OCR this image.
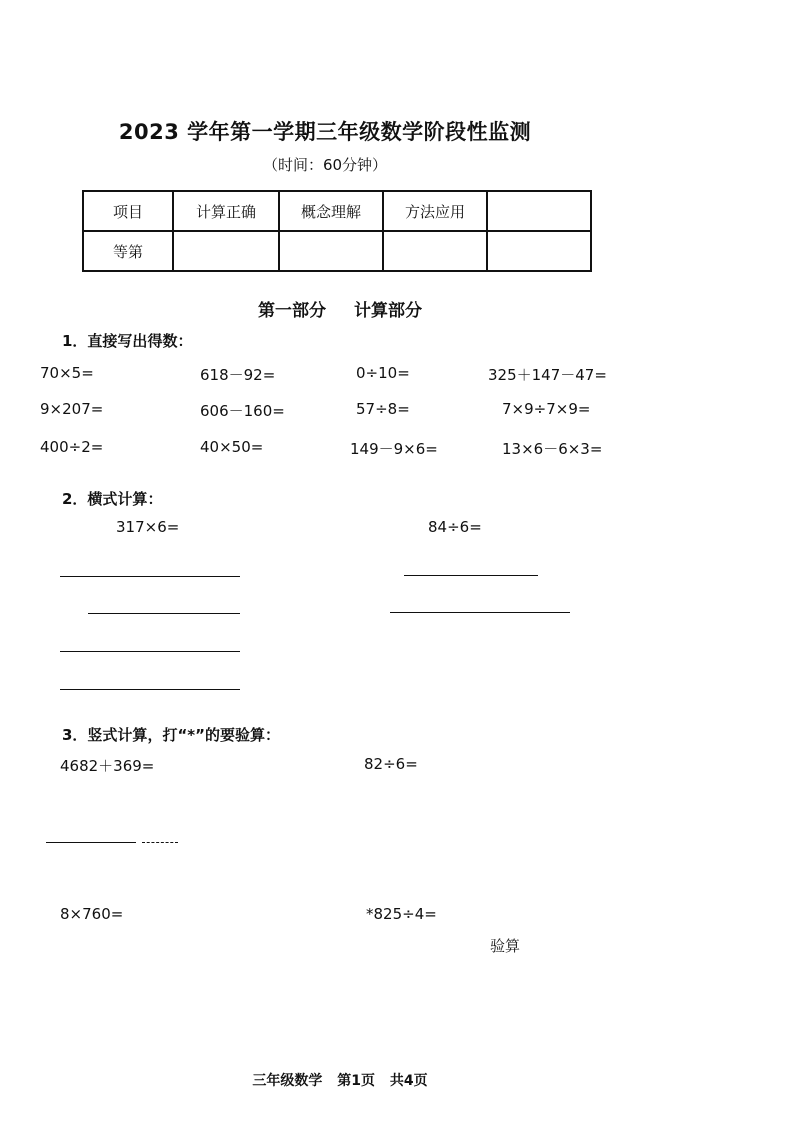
2023 学年第一学期三年级数学阶段性监测
（时间：60分钟）
项目	计算正确	概念理解	方法应用	
等第				
第一部分 计算部分
1．直接写出得数：
70×5=	618－92=	0÷10=	325＋147－47=
9×207=	606－160=	57÷8=	7×9÷7×9=
400÷2=	40×50=	149－9×6=	13×6－6×3=
2．横式计算：
317×6=	84÷6=
3．竖式计算，打“*”的要验算：
4682＋369=	82÷6=
8×760=	*825÷4=
验算
三年级数学 第1页 共4页
